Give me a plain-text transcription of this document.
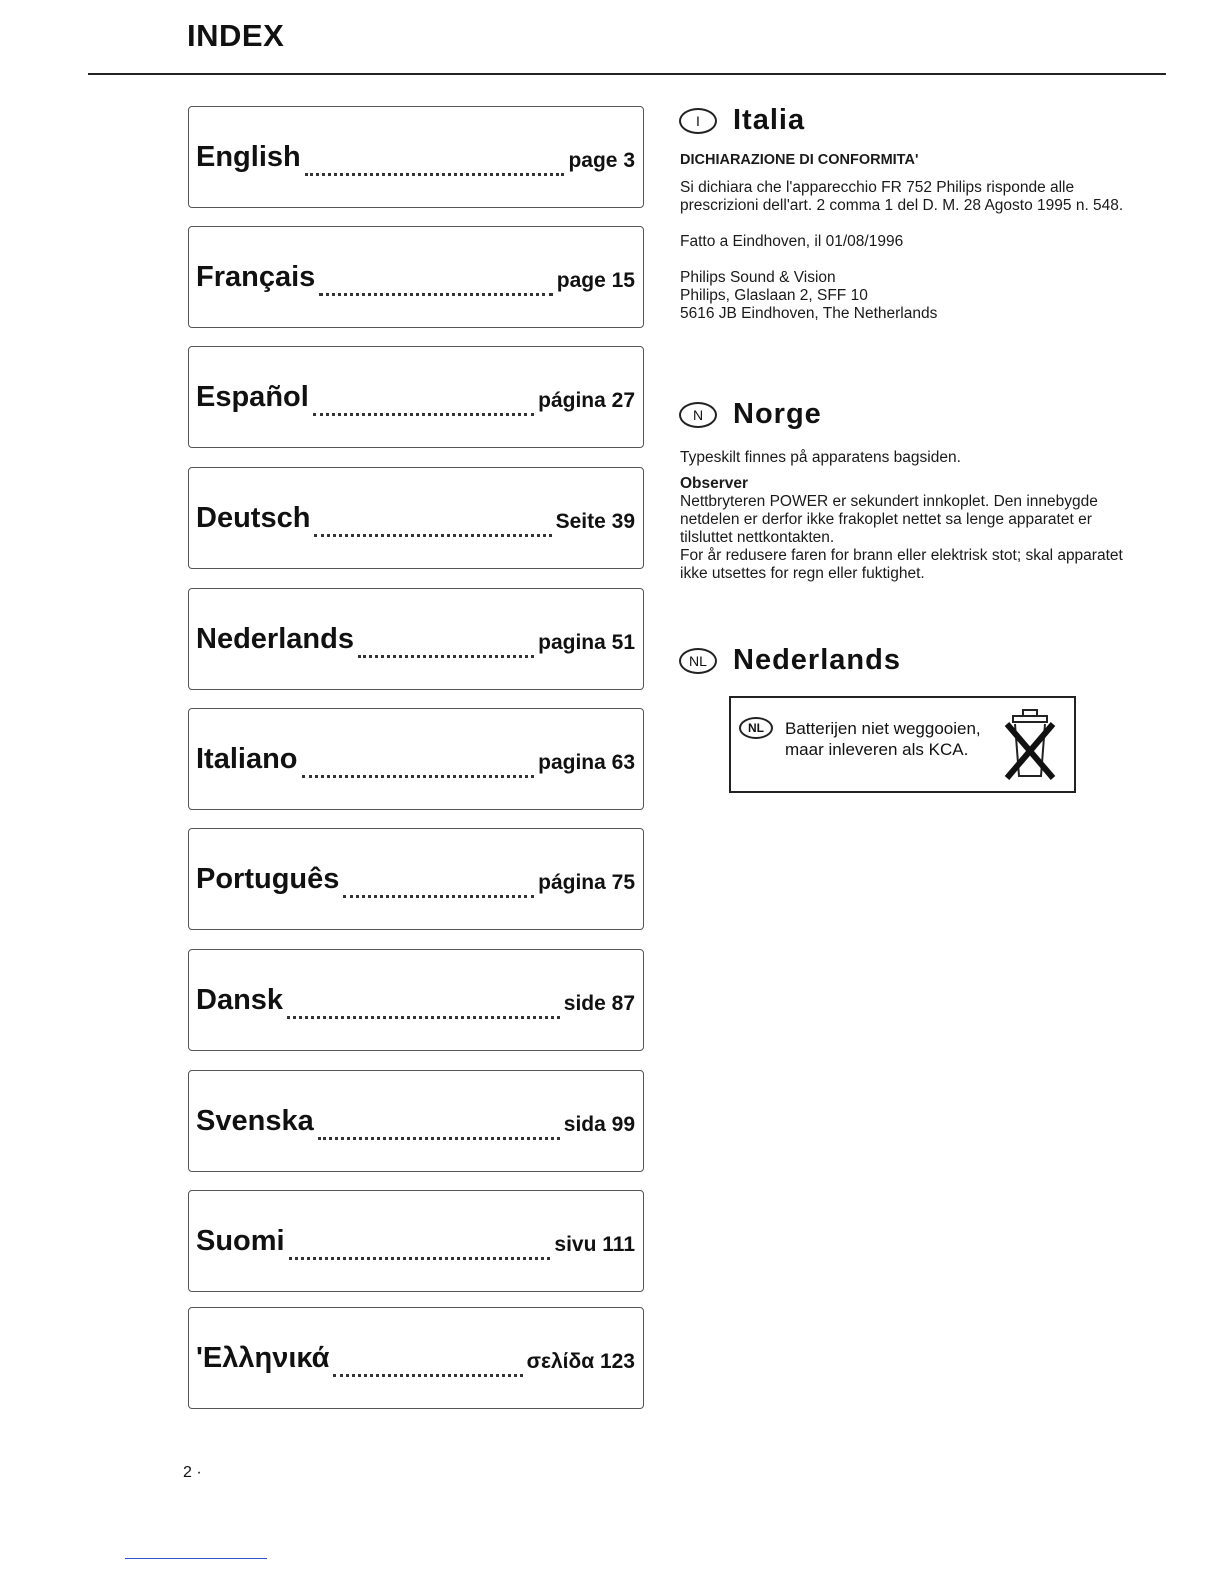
INDEX
English	page 3
Français	page 15
Español	página 27
Deutsch	Seite 39
Nederlands	pagina 51
Italiano	pagina 63
Português	página 75
Dansk	side 87
Svenska	sida 99
Suomi	sivu 111
'Ελληνικά	σελίδα 123
I	Italia

DICHIARAZIONE DI CONFORMITA'

Si dichiara che l'apparecchio FR 752 Philips risponde alle prescrizioni dell'art. 2 comma 1 del D. M. 28 Agosto 1995 n. 548.

Fatto a Eindhoven, il 01/08/1996

Philips Sound & Vision

Philips, Glaslaan 2, SFF 10

5616 JB Eindhoven, The Netherlands

N	Norge

Typeskilt finnes på apparatens bagsiden.

Observer

Nettbryteren POWER er sekundert innkoplet. Den innebygde netdelen er derfor ikke frakoplet nettet sa lenge apparatet er tilsluttet nettkontakten.

For år redusere faren for brann eller elektrisk stot; skal apparatet ikke utsettes for regn eller fuktighet.

NL Nederlands
NL	Batterijen niet weggooien,
maar inleveren als KCA.
2 ·
